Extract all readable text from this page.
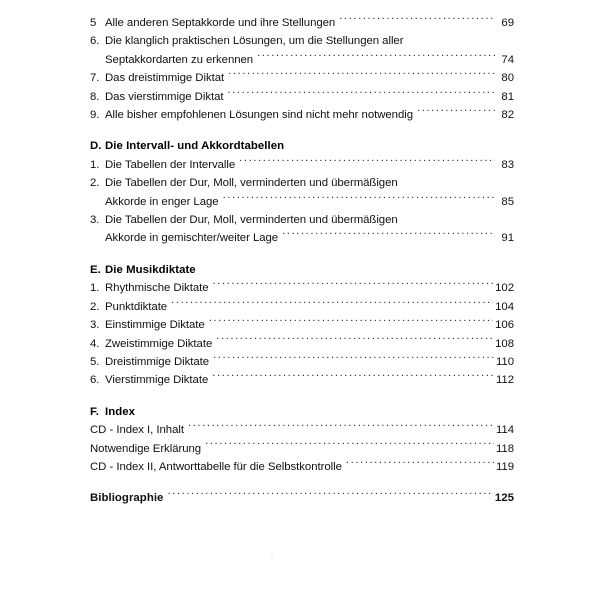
5 Alle anderen Septakkorde und ihre Stellungen .....	69
6. Die klanglich praktischen Lösungen, um die Stellungen aller
Septakkordarten zu erkennen .....	74
7. Das dreistimmige Diktat .....	80
8. Das vierstimmige Diktat .....	81
9. Alle bisher empfohlenen Lösungen sind nicht mehr notwendig .....	82
D. Die Intervall- und Akkordtabellen
1. Die Tabellen der Intervalle .....	83
2. Die Tabellen der Dur, Moll, verminderten und übermäßigen
Akkorde in enger Lage .....	85
3. Die Tabellen der Dur, Moll, verminderten und übermäßigen
Akkorde in gemischter/weiter Lage .....	91
E. Die Musikdiktate
1. Rhythmische Diktate .....	102
2. Punktdiktate .....	104
3. Einstimmige Diktate .....	106
4. Zweistimmige Diktate .....	108
5. Dreistimmige Diktate .....	110
6. Vierstimmige Diktate .....	112
F. Index
CD - Index I, Inhalt .....	114
Notwendige Erklärung .....	118
CD - Index II, Antworttabelle für die Selbstkontrolle .....	119
Bibliographie .....	125
